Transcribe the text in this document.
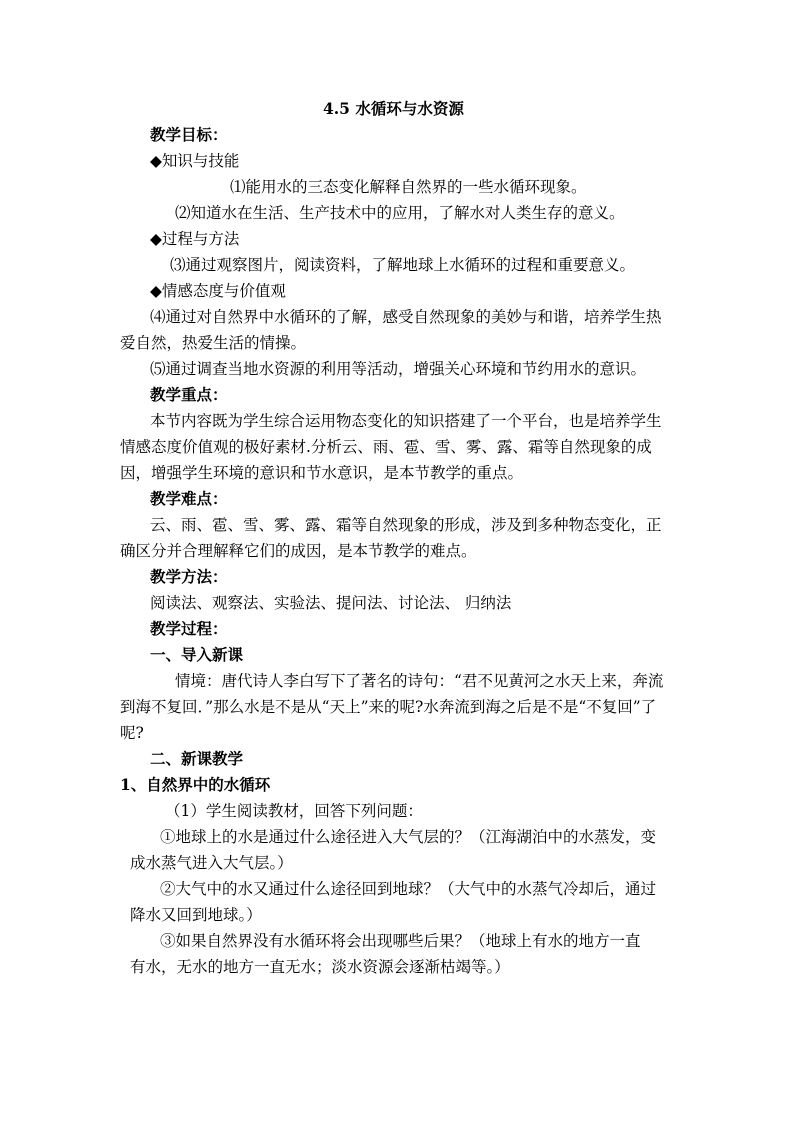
4.5 水循环与水资源
教学目标：
◆知识与技能
⑴能用水的三态变化解释自然界的一些水循环现象。
⑵知道水在生活、生产技术中的应用，了解水对人类生存的意义。
◆过程与方法
⑶通过观察图片，阅读资料，了解地球上水循环的过程和重要意义。
◆情感态度与价值观
⑷通过对自然界中水循环的了解，感受自然现象的美妙与和谐，培养学生热
爱自然，热爱生活的情操。
⑸通过调查当地水资源的利用等活动，增强关心环境和节约用水的意识。
教学重点：
本节内容既为学生综合运用物态变化的知识搭建了一个平台，也是培养学生
情感态度价值观的极好素材.分析云、雨、雹、雪、雾、露、霜等自然现象的成
因，增强学生环境的意识和节水意识，是本节教学的重点。
教学难点：
云、雨、雹、雪、雾、露、霜等自然现象的形成，涉及到多种物态变化，正
确区分并合理解释它们的成因，是本节教学的难点。
教学方法：
阅读法、观察法、实验法、提问法、讨论法、 归纳法
教学过程：
一、导入新课
情境：唐代诗人李白写下了著名的诗句：“君不见黄河之水天上来，奔流
到海不复回．”那么水是不是从“天上”来的呢?水奔流到海之后是不是“不复回”了
呢?
二、新课教学
1、自然界中的水循环
（1）学生阅读教材，回答下列问题：
①地球上的水是通过什么途径进入大气层的？（江海湖泊中的水蒸发，变
成水蒸气进入大气层。）
②大气中的水又通过什么途径回到地球？（大气中的水蒸气冷却后，通过
降水又回到地球。）
③如果自然界没有水循环将会出现哪些后果？（地球上有水的地方一直
有水，无水的地方一直无水；淡水资源会逐渐枯竭等。）
